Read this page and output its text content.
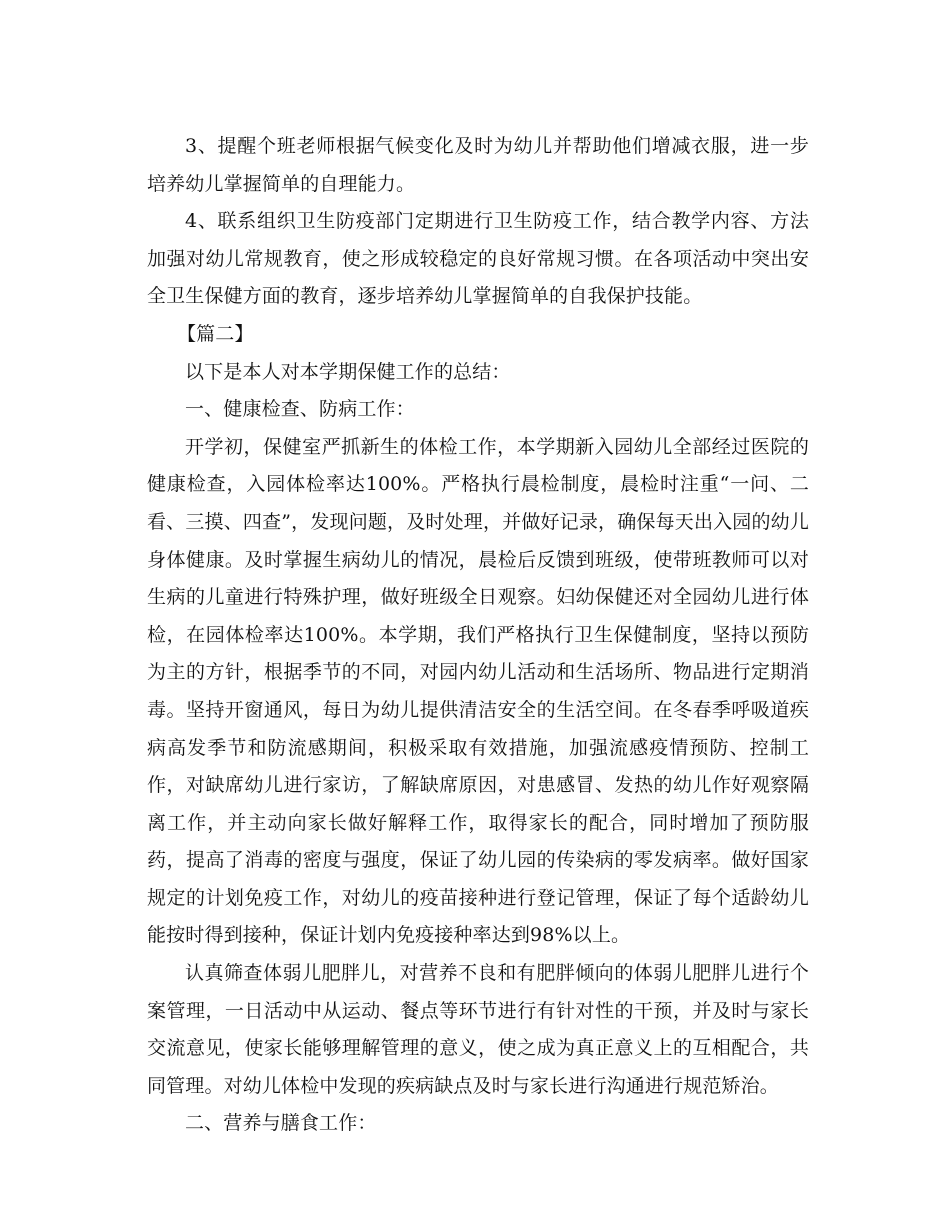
3、提醒个班老师根据气候变化及时为幼儿并帮助他们增减衣服，进一步培养幼儿掌握简单的自理能力。

4、联系组织卫生防疫部门定期进行卫生防疫工作，结合教学内容、方法加强对幼儿常规教育，使之形成较稳定的良好常规习惯。在各项活动中突出安全卫生保健方面的教育，逐步培养幼儿掌握简单的自我保护技能。

【篇二】

以下是本人对本学期保健工作的总结：

一、健康检查、防病工作：

开学初，保健室严抓新生的体检工作，本学期新入园幼儿全部经过医院的健康检查，入园体检率达100%。严格执行晨检制度，晨检时注重“一问、二看、三摸、四查”，发现问题，及时处理，并做好记录，确保每天出入园的幼儿身体健康。及时掌握生病幼儿的情况，晨检后反馈到班级，使带班教师可以对生病的儿童进行特殊护理，做好班级全日观察。妇幼保健还对全园幼儿进行体检，在园体检率达100%。本学期，我们严格执行卫生保健制度，坚持以预防为主的方针，根据季节的不同，对园内幼儿活动和生活场所、物品进行定期消毒。坚持开窗通风，每日为幼儿提供清洁安全的生活空间。在冬春季呼吸道疾病高发季节和防流感期间，积极采取有效措施，加强流感疫情预防、控制工作，对缺席幼儿进行家访，了解缺席原因，对患感冒、发热的幼儿作好观察隔离工作，并主动向家长做好解释工作，取得家长的配合，同时增加了预防服药，提高了消毒的密度与强度，保证了幼儿园的传染病的零发病率。做好国家规定的计划免疫工作，对幼儿的疫苗接种进行登记管理，保证了每个适龄幼儿能按时得到接种，保证计划内免疫接种率达到98%以上。

认真筛查体弱儿肥胖儿，对营养不良和有肥胖倾向的体弱儿肥胖儿进行个案管理，一日活动中从运动、餐点等环节进行有针对性的干预，并及时与家长交流意见，使家长能够理解管理的意义，使之成为真正意义上的互相配合，共同管理。对幼儿体检中发现的疾病缺点及时与家长进行沟通进行规范矫治。

二、营养与膳食工作：
